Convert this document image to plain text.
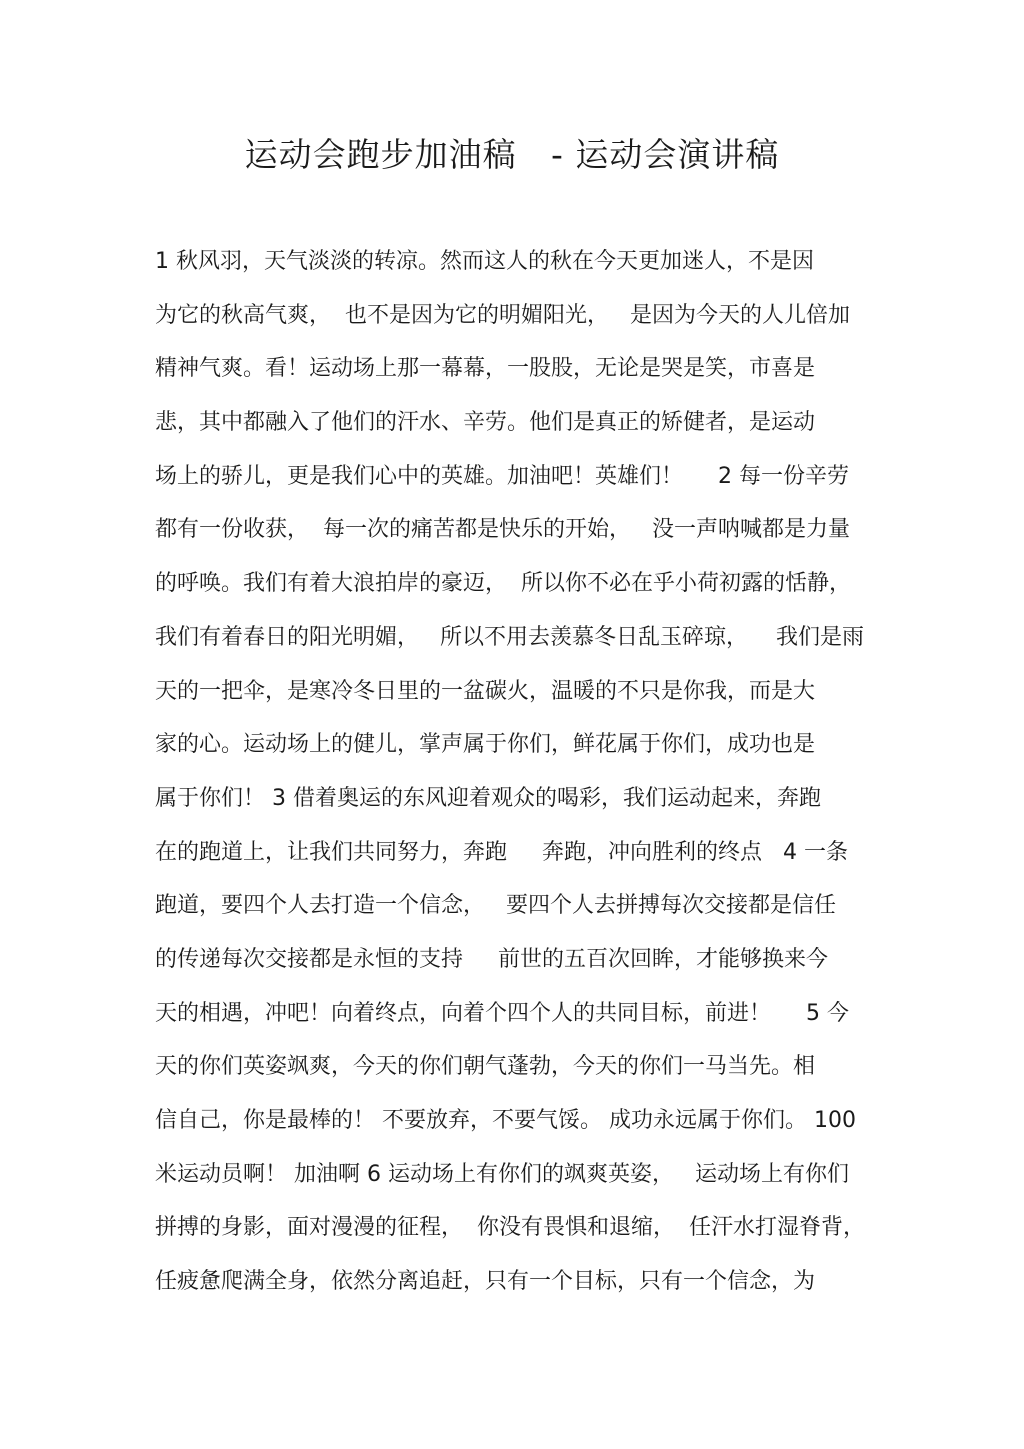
运动会跑步加油稿   - 运动会演讲稿
1 秋风羽，天气淡淡的转凉。然而这人的秋在今天更加迷人，不是因
为它的秋高气爽，  也不是因为它的明媚阳光，   是因为今天的人儿倍加
精神气爽。看！运动场上那一幕幕，一股股，无论是哭是笑，市喜是
悲，其中都融入了他们的汗水、辛劳。他们是真正的矫健者，是运动
场上的骄儿，更是我们心中的英雄。加油吧！英雄们！     2 每一份辛劳
都有一份收获，  每一次的痛苦都是快乐的开始，   没一声呐喊都是力量
的呼唤。我们有着大浪拍岸的豪迈，  所以你不必在乎小荷初露的恬静，
我们有着春日的阳光明媚，   所以不用去羡慕冬日乱玉碎琼，    我们是雨
天的一把伞，是寒冷冬日里的一盆碳火，温暖的不只是你我，而是大
家的心。运动场上的健儿，掌声属于你们，鲜花属于你们，成功也是
属于你们！ 3 借着奥运的东风迎着观众的喝彩，我们运动起来，奔跑
在的跑道上，让我们共同努力，奔跑     奔跑，冲向胜利的终点   4 一条
跑道，要四个人去打造一个信念，   要四个人去拼搏每次交接都是信任
的传递每次交接都是永恒的支持     前世的五百次回眸，才能够换来今
天的相遇，冲吧！向着终点，向着个四个人的共同目标，前进！     5 今
天的你们英姿飒爽，今天的你们朝气蓬勃，今天的你们一马当先。相
信自己，你是最棒的！ 不要放弃，不要气馁。 成功永远属于你们。 100
米运动员啊！ 加油啊 6 运动场上有你们的飒爽英姿，   运动场上有你们
拼搏的身影，面对漫漫的征程，  你没有畏惧和退缩，  任汗水打湿脊背，
任疲惫爬满全身，依然分离追赶，只有一个目标，只有一个信念，为
